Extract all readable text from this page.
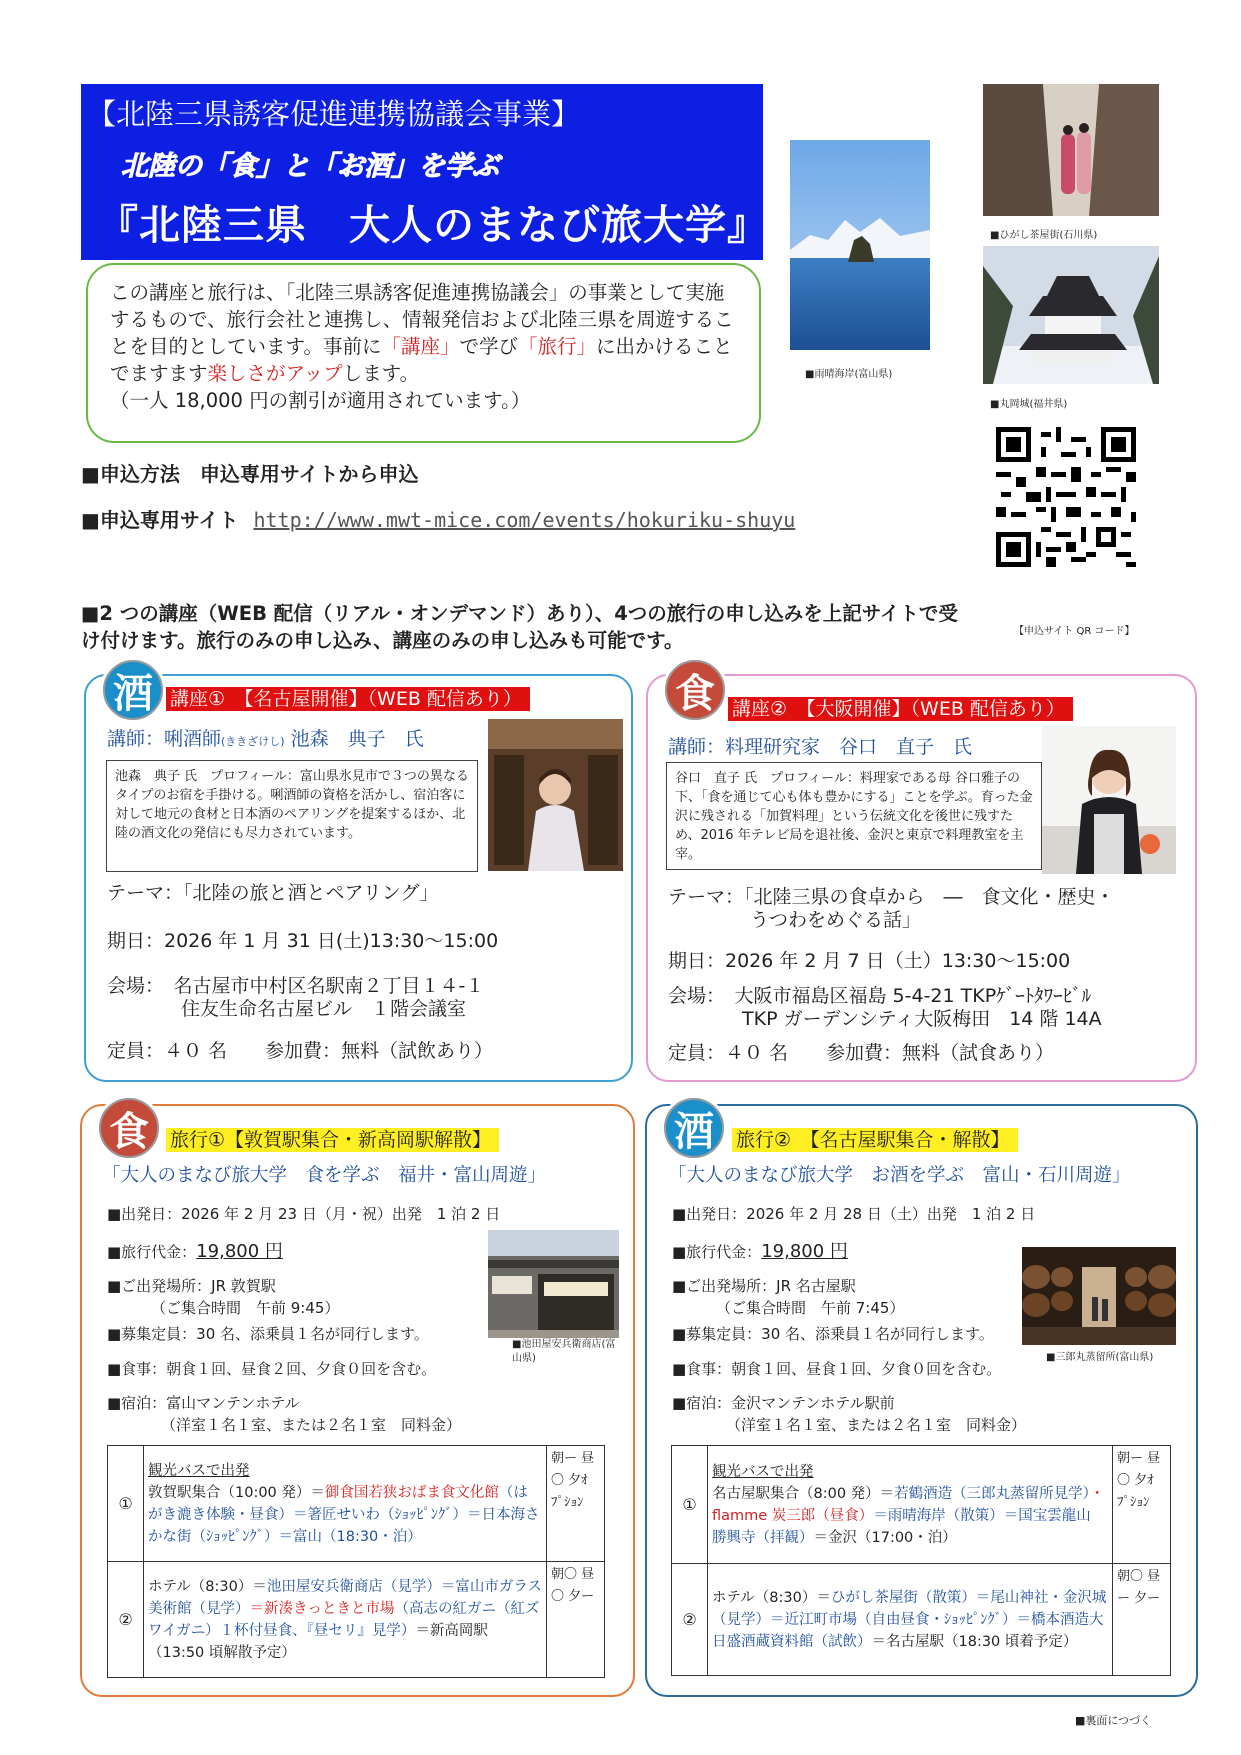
【北陸三県誘客促進連携協議会事業】
北陸の「食」と「お酒」を学ぶ
『北陸三県　大人のまなび旅大学』
■雨晴海岸(富山県)
■ひがし茶屋街(石川県)
■丸岡城(福井県)
【申込サイト QR コード】
この講座と旅行は、「北陸三県誘客促進連携協議会」の事業として実施するもので、旅行会社と連携し、情報発信および北陸三県を周遊することを目的としています。事前に「講座」で学び「旅行」に出かけることでますます楽しさがアップします。
（一人 18,000 円の割引が適用されています。）
■申込方法　申込専用サイトから申込
■申込専用サイト http://www.mwt-mice.com/events/hokuriku-shuyu
■2 つの講座（WEB 配信（リアル・オンデマンド）あり）、4つの旅行の申し込みを上記サイトで受け付けます。旅行のみの申し込み、講座のみの申し込みも可能です。
酒 講座①　【名古屋開催】（WEB 配信あり）
講師：唎酒師(ききざけし) 池森　典子　氏
池森　典子 氏　プロフィール：富山県氷見市で３つの異なるタイプのお宿を手掛ける。唎酒師の資格を活かし、宿泊客に対して地元の食材と日本酒のペアリングを提案するほか、北陸の酒文化の発信にも尽力されています。
テーマ：「北陸の旅と酒とペアリング」
期日：2026 年 1 月 31 日(土)13:30～15:00
会場：　名古屋市中村区名駅南２丁目１４-１
住友生命名古屋ビル　１階会議室
定員：４０ 名　　参加費：無料（試飲あり）
食 講座②　【大阪開催】（WEB 配信あり）
講師：料理研究家　谷口　直子　氏
谷口　直子 氏　プロフィール：料理家である母 谷口雅子の下、「食を通じて心も体も豊かにする」ことを学ぶ。育った金沢に残される「加賀料理」という伝統文化を後世に残すため、2016 年テレビ局を退社後、金沢と東京で料理教室を主宰。
テーマ：「北陸三県の食卓から　―　食文化・歴史・
うつわをめぐる話」
期日：2026 年 2 月 7 日（土）13:30～15:00
会場：　大阪市福島区福島 5-4-21 TKPｹﾞｰﾄﾀﾜｰﾋﾞﾙ
TKP ガーデンシティ大阪梅田　14 階 14A
定員：４０ 名　　参加費：無料（試食あり）
食	旅行①【敦賀駅集合・新高岡駅解散】
「大人のまなび旅大学　食を学ぶ　福井・富山周遊」
■出発日：2026 年 2 月 23 日（月・祝）出発　1 泊 2 日
■旅行代金：19,800 円
■ご出発場所：JR 敦賀駅
（ご集合時間　午前 9:45）
■募集定員：30 名、添乗員１名が同行します。
■食事：朝食１回、昼食２回、夕食０回を含む。
■宿泊：富山マンテンホテル
（洋室１名１室、または２名１室　同料金）
■池田屋安兵衛商店(富山県)
①	観光バスで出発
敦賀駅集合（10:00 発）＝御食国若狭おばま食文化館（はがき漉き体験・昼食）＝箸匠せいわ（ｼｮｯﾋﾟﾝｸﾞ）＝日本海さかな街（ｼｮｯﾋﾟﾝｸﾞ）＝富山（18:30・泊）	朝ー 昼〇 夕ｵﾌﾟｼｮﾝ
②	ホテル（8:30）＝池田屋安兵衛商店（見学）＝富山市ガラス美術館（見学）＝新湊きっときと市場（高志の紅ガニ（紅ズワイガニ）１杯付昼食、『昼セリ』見学）＝新高岡駅（13:50 頃解散予定）	朝〇 昼〇 夕ー
酒	旅行②　【名古屋駅集合・解散】
「大人のまなび旅大学　お酒を学ぶ　富山・石川周遊」
■出発日：2026 年 2 月 28 日（土）出発　1 泊 2 日
■旅行代金：19,800 円
■ご出発場所：JR 名古屋駅
（ご集合時間　午前 7:45）
■募集定員：30 名、添乗員１名が同行します。
■食事：朝食１回、昼食１回、夕食０回を含む。
■宿泊：金沢マンテンホテル駅前
（洋室１名１室、または２名１室　同料金）
■三郎丸蒸留所(富山県)
①	観光バスで出発
名古屋駅集合（8:00 発）＝若鶴酒造（三郎丸蒸留所見学）・ flamme 炭三郎（昼食）＝雨晴海岸（散策）＝国宝雲龍山 勝興寺（拝観）＝金沢（17:00・泊）	朝ー 昼〇 夕ｵﾌﾟｼｮﾝ
②	ホテル（8:30）＝ひがし茶屋街（散策）＝尾山神社・金沢城（見学）＝近江町市場（自由昼食・ｼｮｯﾋﾟﾝｸﾞ）＝橋本酒造大日盛酒蔵資料館（試飲）＝名古屋駅（18:30 頃着予定）	朝〇 昼ー 夕ー
■裏面につづく
